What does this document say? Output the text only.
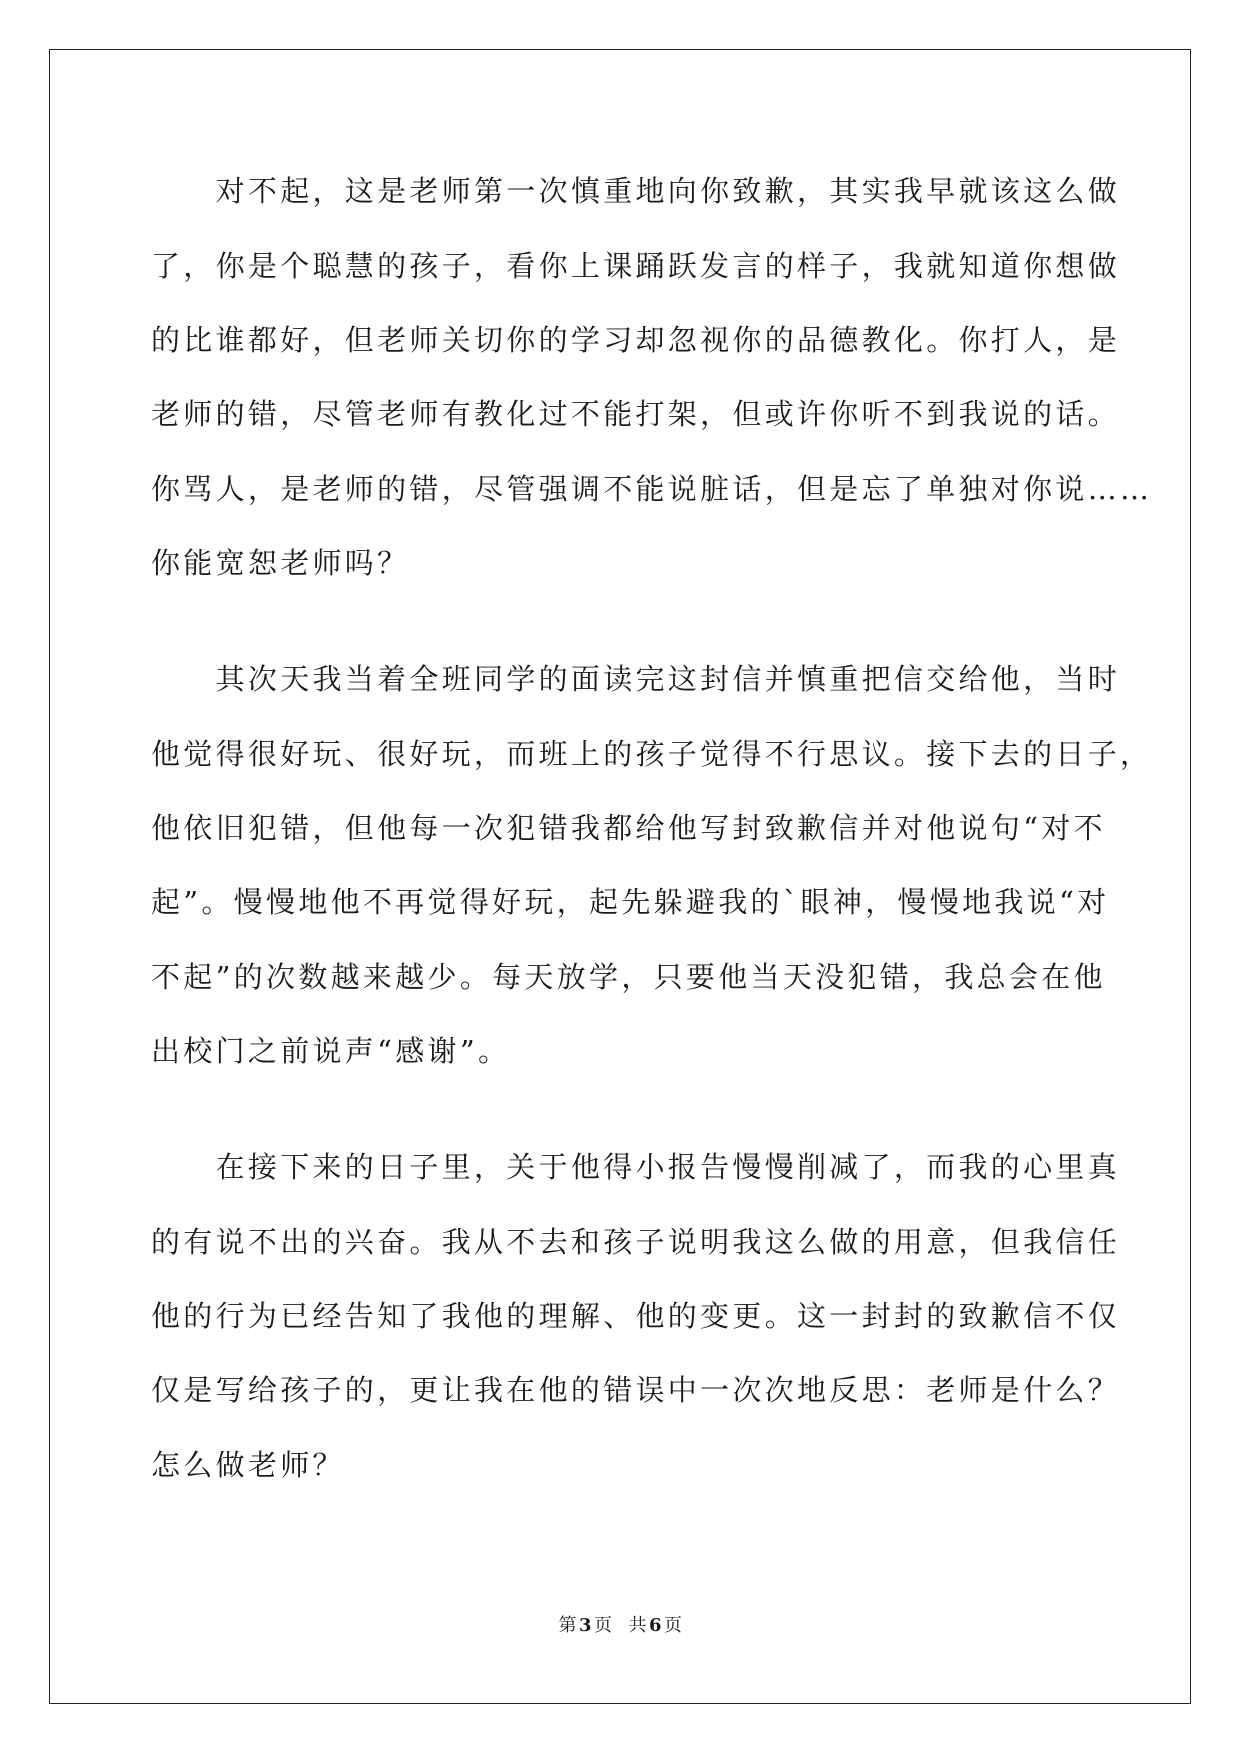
　　对不起，这是老师第一次慎重地向你致歉，其实我早就该这么做
了，你是个聪慧的孩子，看你上课踊跃发言的样子，我就知道你想做
的比谁都好，但老师关切你的学习却忽视你的品德教化。你打人，是
老师的错，尽管老师有教化过不能打架，但或许你听不到我说的话。
你骂人，是老师的错，尽管强调不能说脏话，但是忘了单独对你说……
你能宽恕老师吗？
　　其次天我当着全班同学的面读完这封信并慎重把信交给他，当时
他觉得很好玩、很好玩，而班上的孩子觉得不行思议。接下去的日子，
他依旧犯错，但他每一次犯错我都给他写封致歉信并对他说句“对不
起”。慢慢地他不再觉得好玩，起先躲避我的`眼神，慢慢地我说“对
不起”的次数越来越少。每天放学，只要他当天没犯错，我总会在他
出校门之前说声“感谢”。
　　在接下来的日子里，关于他得小报告慢慢削减了，而我的心里真
的有说不出的兴奋。我从不去和孩子说明我这么做的用意，但我信任
他的行为已经告知了我他的理解、他的变更。这一封封的致歉信不仅
仅是写给孩子的，更让我在他的错误中一次次地反思：老师是什么？
怎么做老师？
第 3 页 共 6 页
